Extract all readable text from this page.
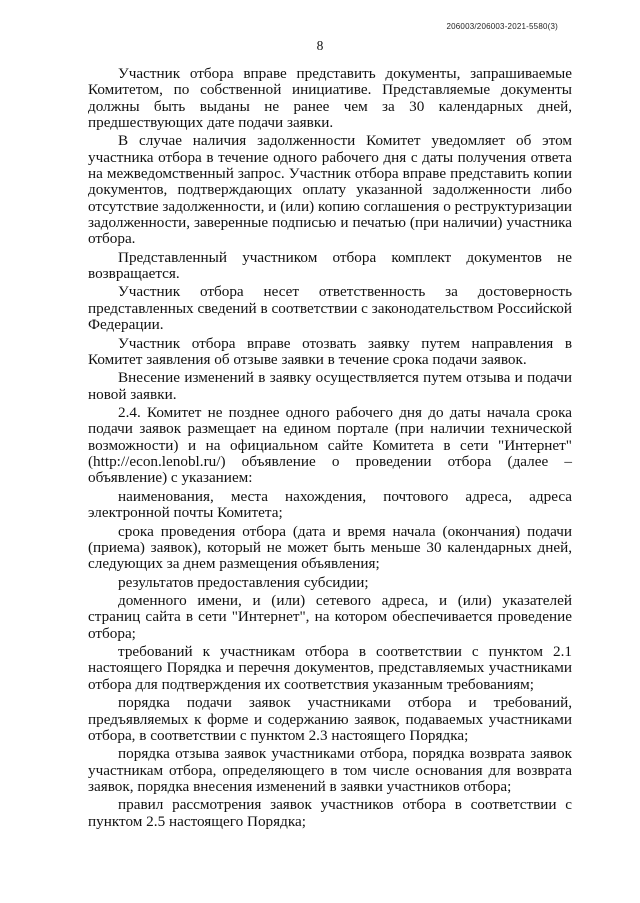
206003/206003-2021-5580(3)
8

Участник отбора вправе представить документы, запрашиваемые Комитетом, по собственной инициативе. Представляемые документы должны быть выданы не ранее чем за 30 календарных дней, предшествующих дате подачи заявки.

В случае наличия задолженности Комитет уведомляет об этом участника отбора в течение одного рабочего дня с даты получения ответа на межведомственный запрос. Участник отбора вправе представить копии документов, подтверждающих оплату указанной задолженности либо отсутствие задолженности, и (или) копию соглашения о реструктуризации задолженности, заверенные подписью и печатью (при наличии) участника отбора.

Представленный участником отбора комплект документов не возвращается.

Участник отбора несет ответственность за достоверность представленных сведений в соответствии с законодательством Российской Федерации.

Участник отбора вправе отозвать заявку путем направления в Комитет заявления об отзыве заявки в течение срока подачи заявок.

Внесение изменений в заявку осуществляется путем отзыва и подачи новой заявки.

2.4. Комитет не позднее одного рабочего дня до даты начала срока подачи заявок размещает на едином портале (при наличии технической возможности) и на официальном сайте Комитета в сети "Интернет" (http://econ.lenobl.ru/) объявление о проведении отбора (далее – объявление) с указанием:

наименования, места нахождения, почтового адреса, адреса электронной почты Комитета;

срока проведения отбора (дата и время начала (окончания) подачи (приема) заявок), который не может быть меньше 30 календарных дней, следующих за днем размещения объявления;

результатов предоставления субсидии;

доменного имени, и (или) сетевого адреса, и (или) указателей страниц сайта в сети "Интернет", на котором обеспечивается проведение отбора;

требований к участникам отбора в соответствии с пунктом 2.1 настоящего Порядка и перечня документов, представляемых участниками отбора для подтверждения их соответствия указанным требованиям;

порядка подачи заявок участниками отбора и требований, предъявляемых к форме и содержанию заявок, подаваемых участниками отбора, в соответствии с пунктом 2.3 настоящего Порядка;

порядка отзыва заявок участниками отбора, порядка возврата заявок участникам отбора, определяющего в том числе основания для возврата заявок, порядка внесения изменений в заявки участников отбора;

правил рассмотрения заявок участников отбора в соответствии с пунктом 2.5 настоящего Порядка;
